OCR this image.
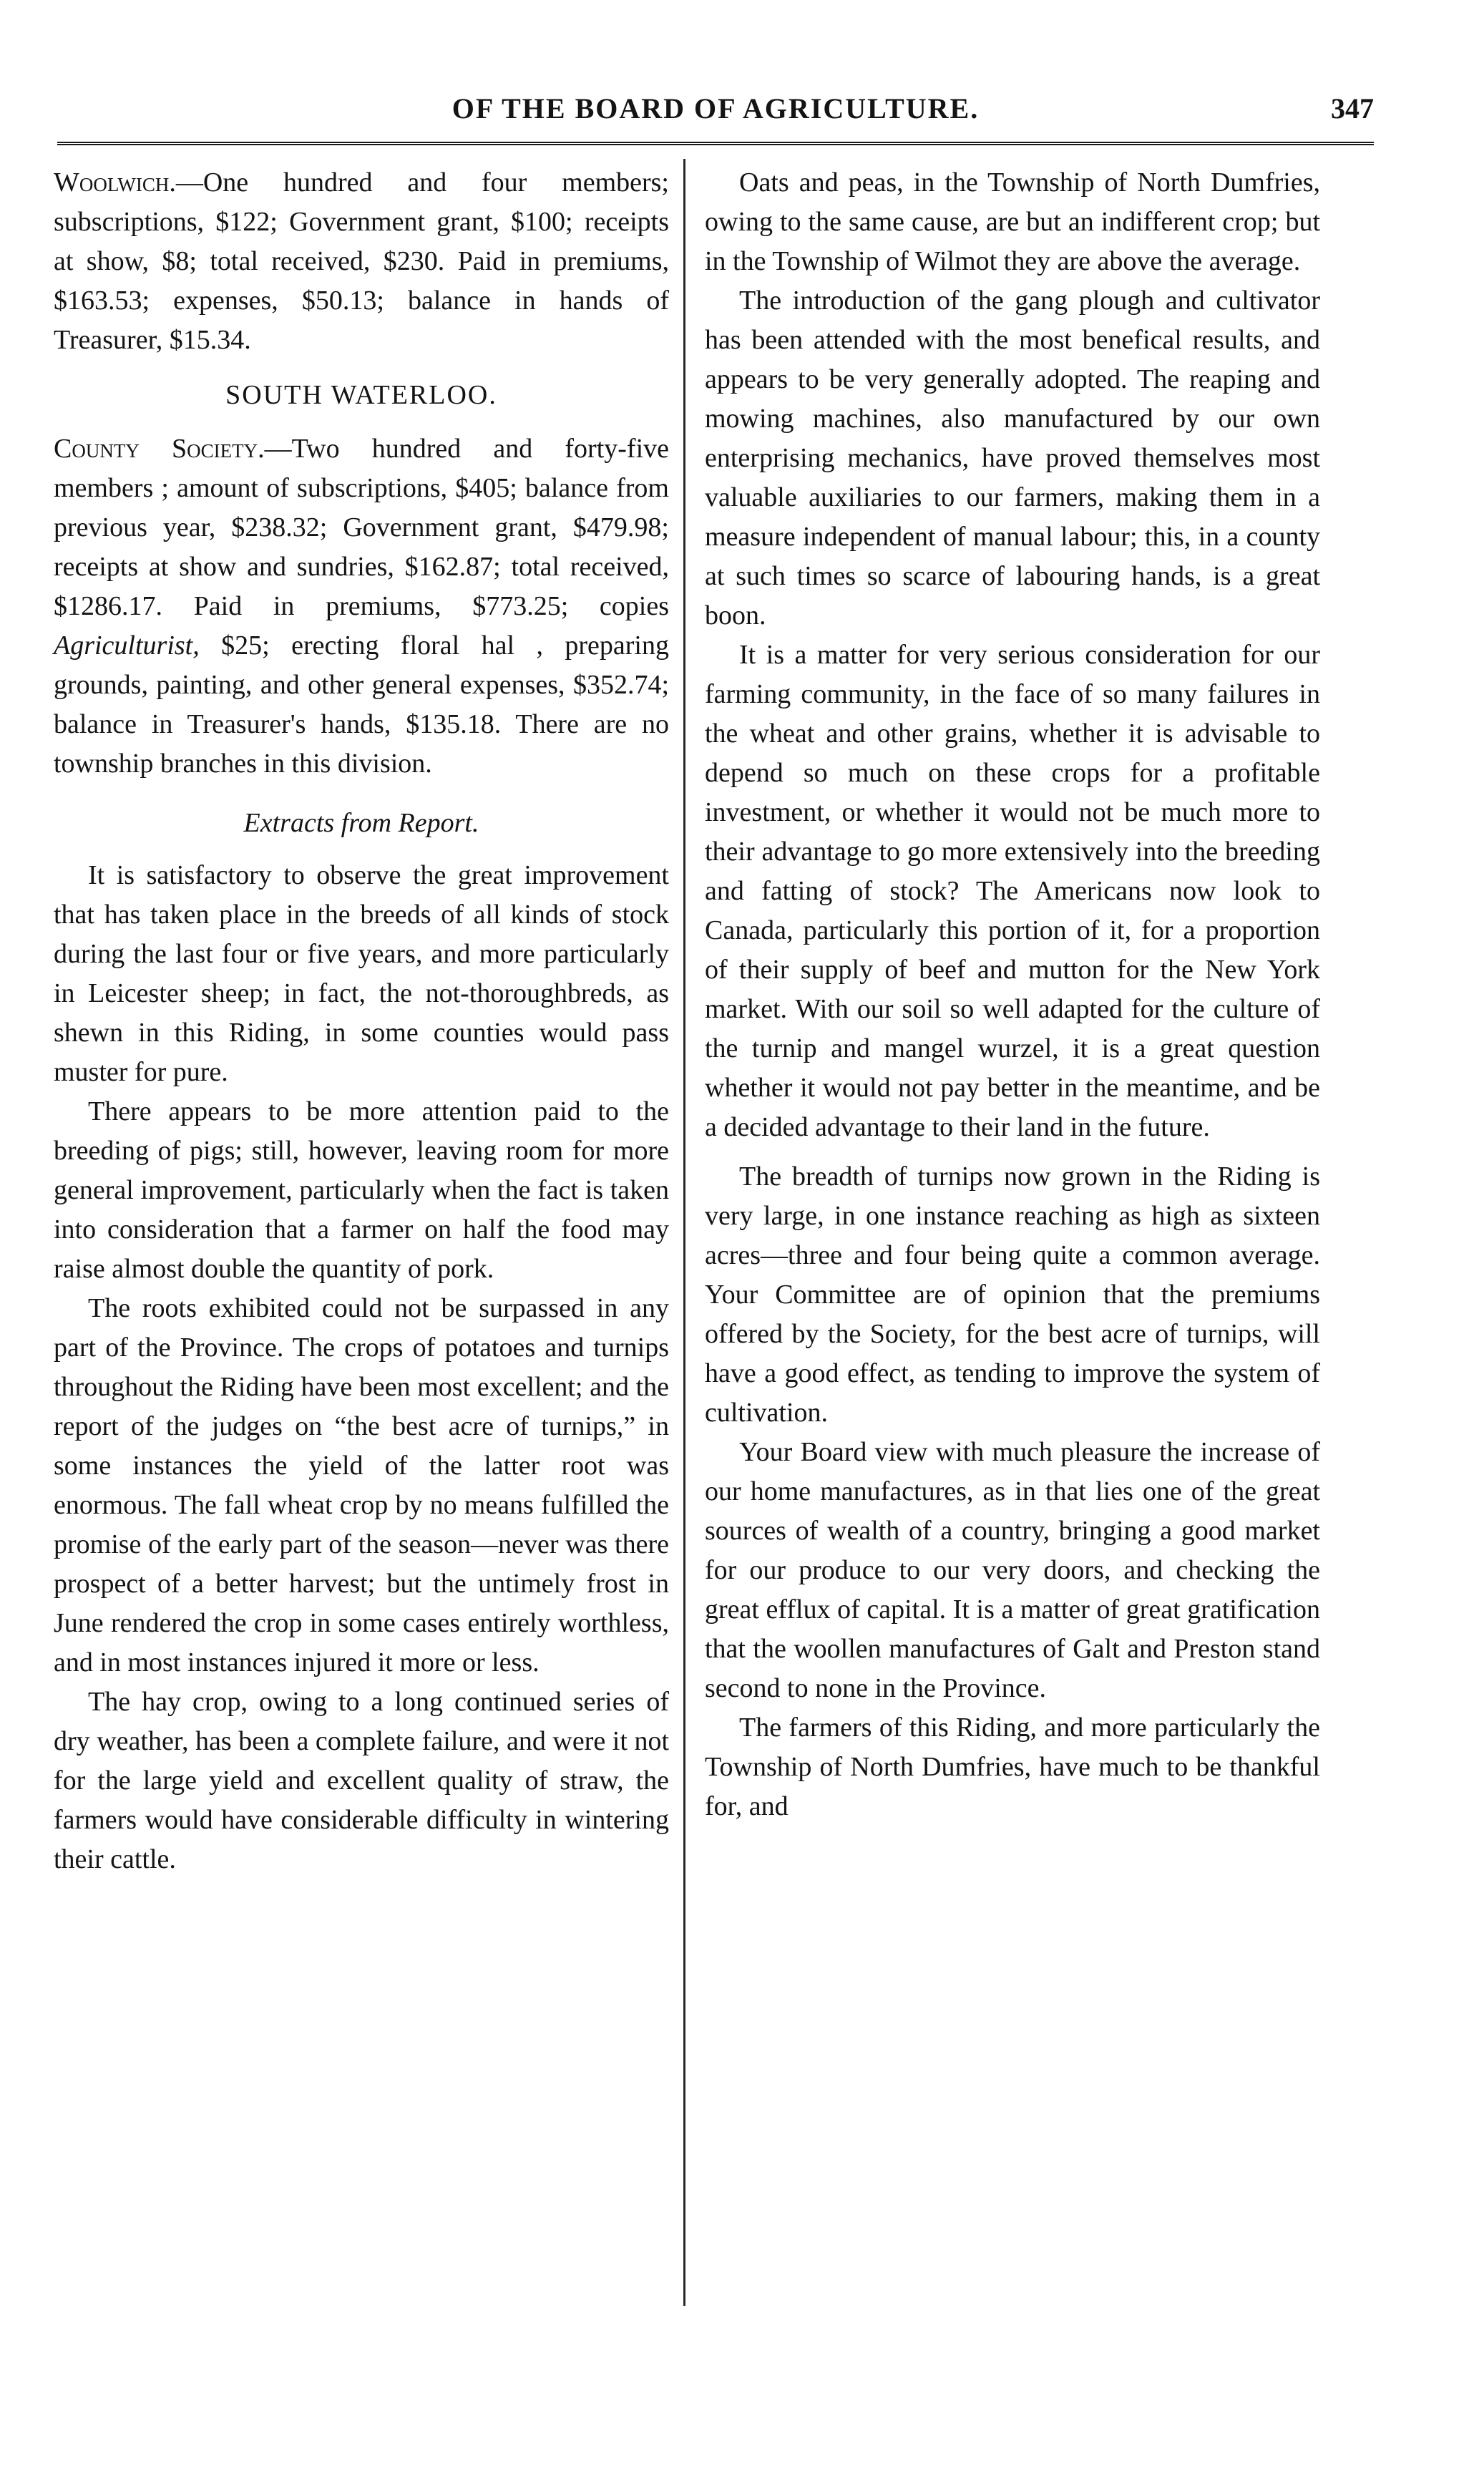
OF THE BOARD OF AGRICULTURE.	347

Woolwich.—One hundred and four members; subscriptions, $122; Government grant, $100; receipts at show, $8; total received, $230. Paid in premiums, $163.53; expenses, $50.13; balance in hands of Treasurer, $15.34.

SOUTH WATERLOO.

County Society.—Two hundred and forty-five members ; amount of subscriptions, $405; balance from previous year, $238.32; Government grant, $479.98; receipts at show and sundries, $162.87; total received, $1286.17. Paid in premiums, $773.25; copies Agriculturist, $25; erecting floral hal , preparing grounds, painting, and other general expenses, $352.74; balance in Treasurer's hands, $135.18. There are no township branches in this division.

Extracts from Report.

It is satisfactory to observe the great improvement that has taken place in the breeds of all kinds of stock during the last four or five years, and more particularly in Leicester sheep; in fact, the not-thoroughbreds, as shewn in this Riding, in some counties would pass muster for pure.

There appears to be more attention paid to the breeding of pigs; still, however, leaving room for more general improvement, particularly when the fact is taken into consideration that a farmer on half the food may raise almost double the quantity of pork.

The roots exhibited could not be surpassed in any part of the Province. The crops of potatoes and turnips throughout the Riding have been most excellent; and the report of the judges on “the best acre of turnips,” in some instances the yield of the latter root was enormous. The fall wheat crop by no means fulfilled the promise of the early part of the season—never was there prospect of a better harvest; but the untimely frost in June rendered the crop in some cases entirely worthless, and in most instances injured it more or less.

The hay crop, owing to a long continued series of dry weather, has been a complete failure, and were it not for the large yield and excellent quality of straw, the farmers would have considerable difficulty in wintering their cattle.

Oats and peas, in the Township of North Dumfries, owing to the same cause, are but an indifferent crop; but in the Township of Wilmot they are above the average.

The introduction of the gang plough and cultivator has been attended with the most benefical results, and appears to be very generally adopted. The reaping and mowing machines, also manufactured by our own enterprising mechanics, have proved themselves most valuable auxiliaries to our farmers, making them in a measure independent of manual labour; this, in a county at such times so scarce of labouring hands, is a great boon.

It is a matter for very serious consideration for our farming community, in the face of so many failures in the wheat and other grains, whether it is advisable to depend so much on these crops for a profitable investment, or whether it would not be much more to their advantage to go more extensively into the breeding and fatting of stock? The Americans now look to Canada, particularly this portion of it, for a proportion of their supply of beef and mutton for the New York market. With our soil so well adapted for the culture of the turnip and mangel wurzel, it is a great question whether it would not pay better in the meantime, and be a decided advantage to their land in the future.

The breadth of turnips now grown in the Riding is very large, in one instance reaching as high as sixteen acres—three and four being quite a common average. Your Committee are of opinion that the premiums offered by the Society, for the best acre of turnips, will have a good effect, as tending to improve the system of cultivation.

Your Board view with much pleasure the increase of our home manufactures, as in that lies one of the great sources of wealth of a country, bringing a good market for our produce to our very doors, and checking the great efflux of capital. It is a matter of great gratification that the woollen manufactures of Galt and Preston stand second to none in the Province.

The farmers of this Riding, and more particularly the Township of North Dumfries, have much to be thankful for, and
